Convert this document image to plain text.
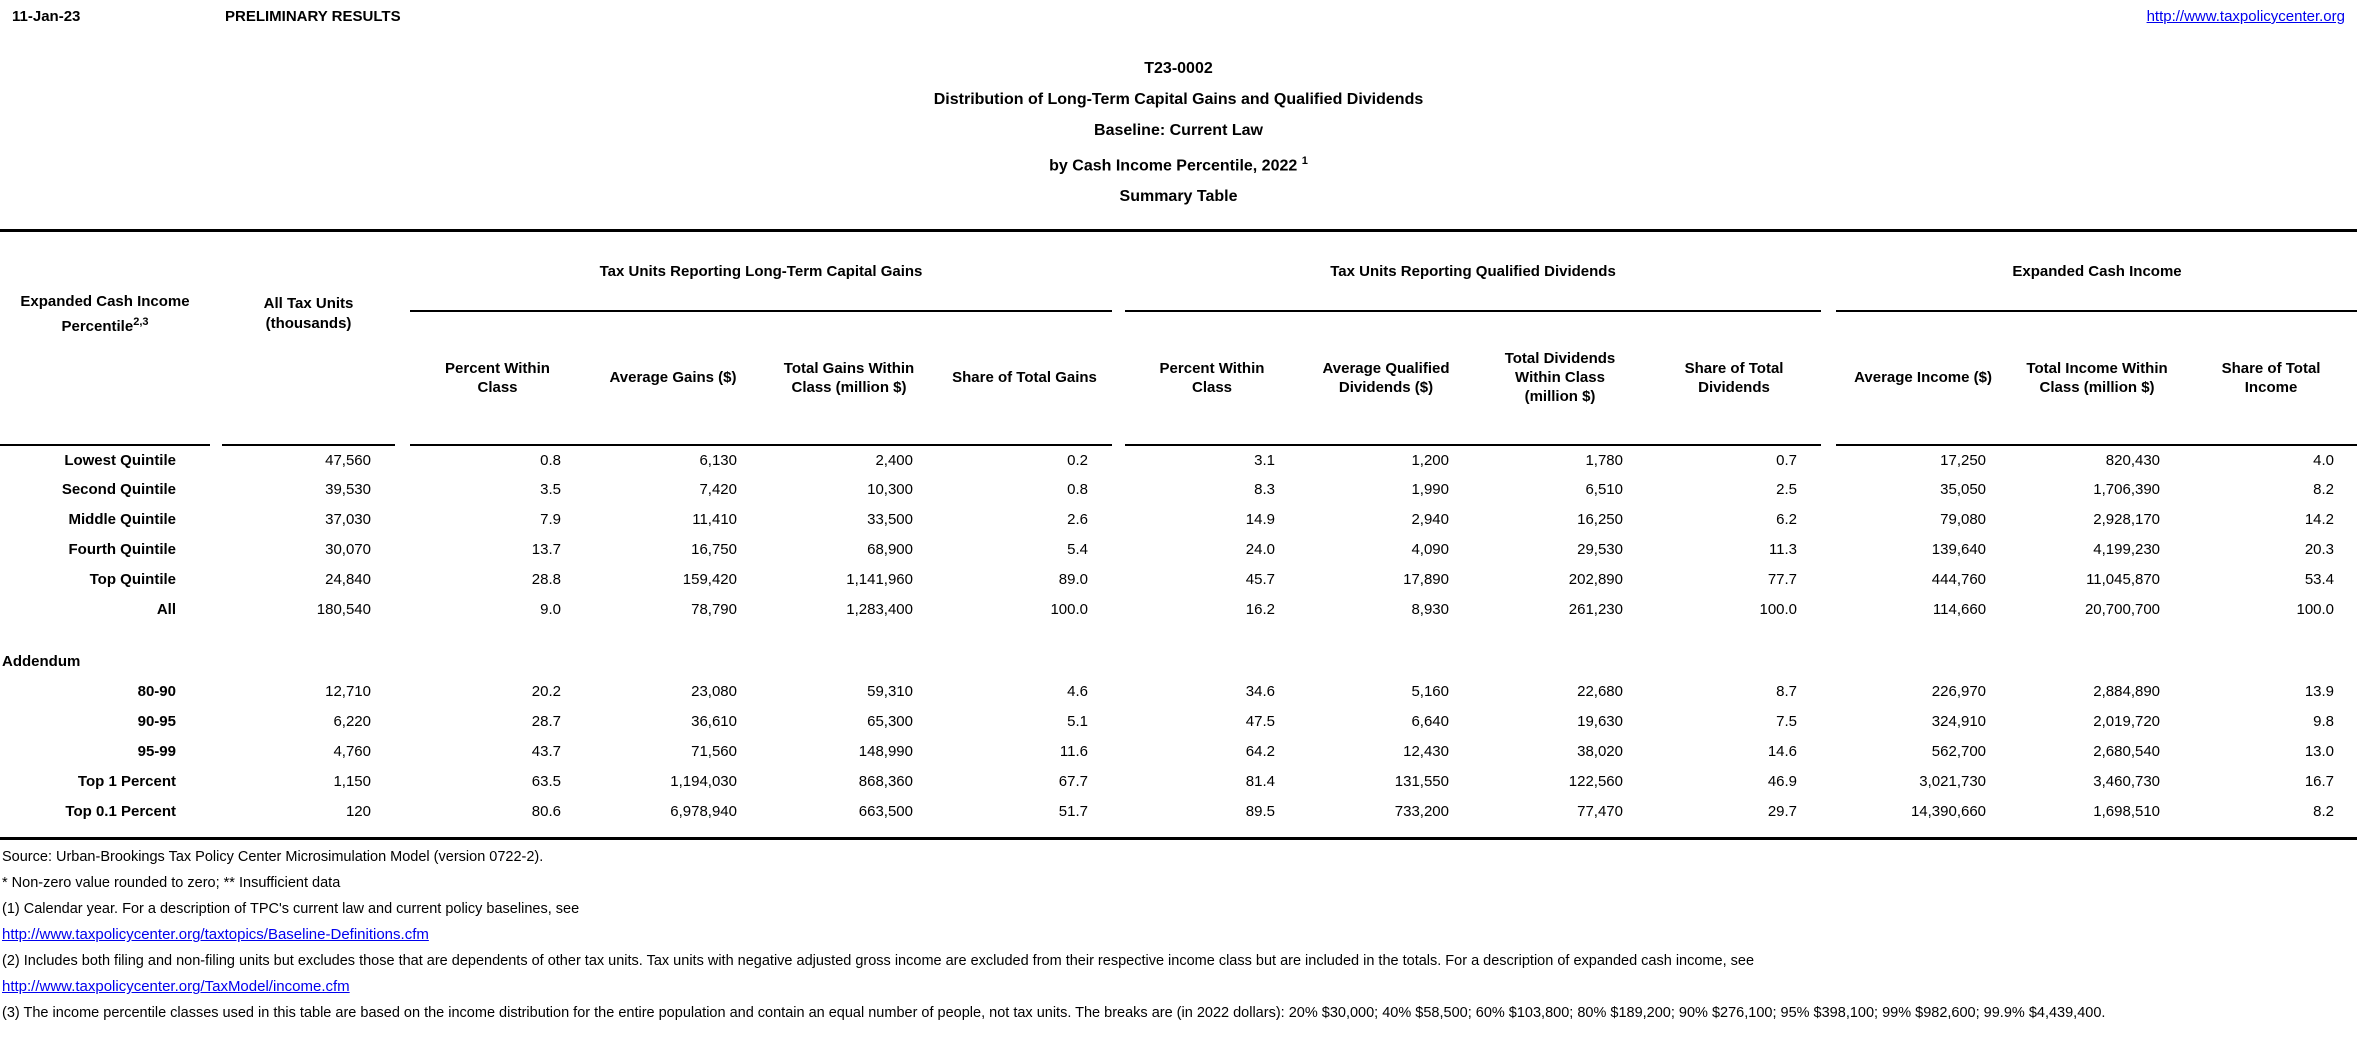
11-Jan-23	PRELIMINARY RESULTS	http://www.taxpolicycenter.org
T23-0002
Distribution of Long-Term Capital Gains and Qualified Dividends
Baseline: Current Law
by Cash Income Percentile, 2022 $^1$
Summary Table
Expanded Cash Income Percentile$^{2,3}$		All Tax Units (thousands)		Tax Units Reporting Long-Term Capital Gains					Tax Units Reporting Qualified Dividends					Expanded Cash Income		
				Percent Within Class	Average Gains ($)	Total Gains Within Class (million $)	Share of Total Gains		Percent Within Class	Average Qualified Dividends ($)	Total Dividends Within Class (million $)	Share of Total Dividends		Average Income ($)	Total Income Within Class (million $)	Share of Total Income
Lowest Quintile		47,560		0.8	6,130	2,400	0.2		3.1	1,200	1,780	0.7		17,250	820,430	4.0
Second Quintile		39,530		3.5	7,420	10,300	0.8		8.3	1,990	6,510	2.5		35,050	1,706,390	8.2
Middle Quintile		37,030		7.9	11,410	33,500	2.6		14.9	2,940	16,250	6.2		79,080	2,928,170	14.2
Fourth Quintile		30,070		13.7	16,750	68,900	5.4		24.0	4,090	29,530	11.3		139,640	4,199,230	20.3
Top Quintile		24,840		28.8	159,420	1,141,960	89.0		45.7	17,890	202,890	77.7		444,760	11,045,870	53.4
All		180,540		9.0	78,790	1,283,400	100.0		16.2	8,930	261,230	100.0		114,660	20,700,700	100.0

Addendum																
80-90		12,710		20.2	23,080	59,310	4.6		34.6	5,160	22,680	8.7		226,970	2,884,890	13.9
90-95		6,220		28.7	36,610	65,300	5.1		47.5	6,640	19,630	7.5		324,910	2,019,720	9.8
95-99		4,760		43.7	71,560	148,990	11.6		64.2	12,430	38,020	14.6		562,700	2,680,540	13.0
Top 1 Percent		1,150		63.5	1,194,030	868,360	67.7		81.4	131,550	122,560	46.9		3,021,730	3,460,730	16.7
Top 0.1 Percent		120		80.6	6,978,940	663,500	51.7		89.5	733,200	77,470	29.7		14,390,660	1,698,510	8.2

Source: Urban-Brookings Tax Policy Center Microsimulation Model (version 0722-2).

* Non-zero value rounded to zero; ** Insufficient data

(1) Calendar year. For a description of TPC's current law and current policy baselines, see

http://www.taxpolicycenter.org/taxtopics/Baseline-Definitions.cfm

(2) Includes both filing and non-filing units but excludes those that are dependents of other tax units. Tax units with negative adjusted gross income are excluded from their respective income class but are included in the totals. For a description of expanded cash income, see

http://www.taxpolicycenter.org/TaxModel/income.cfm

(3) The income percentile classes used in this table are based on the income distribution for the entire population and contain an equal number of people, not tax units. The breaks are (in 2022 dollars): 20% $30,000; 40% $58,500; 60% $103,800; 80% $189,200; 90% $276,100; 95% $398,100; 99% $982,600; 99.9% $4,439,400.
